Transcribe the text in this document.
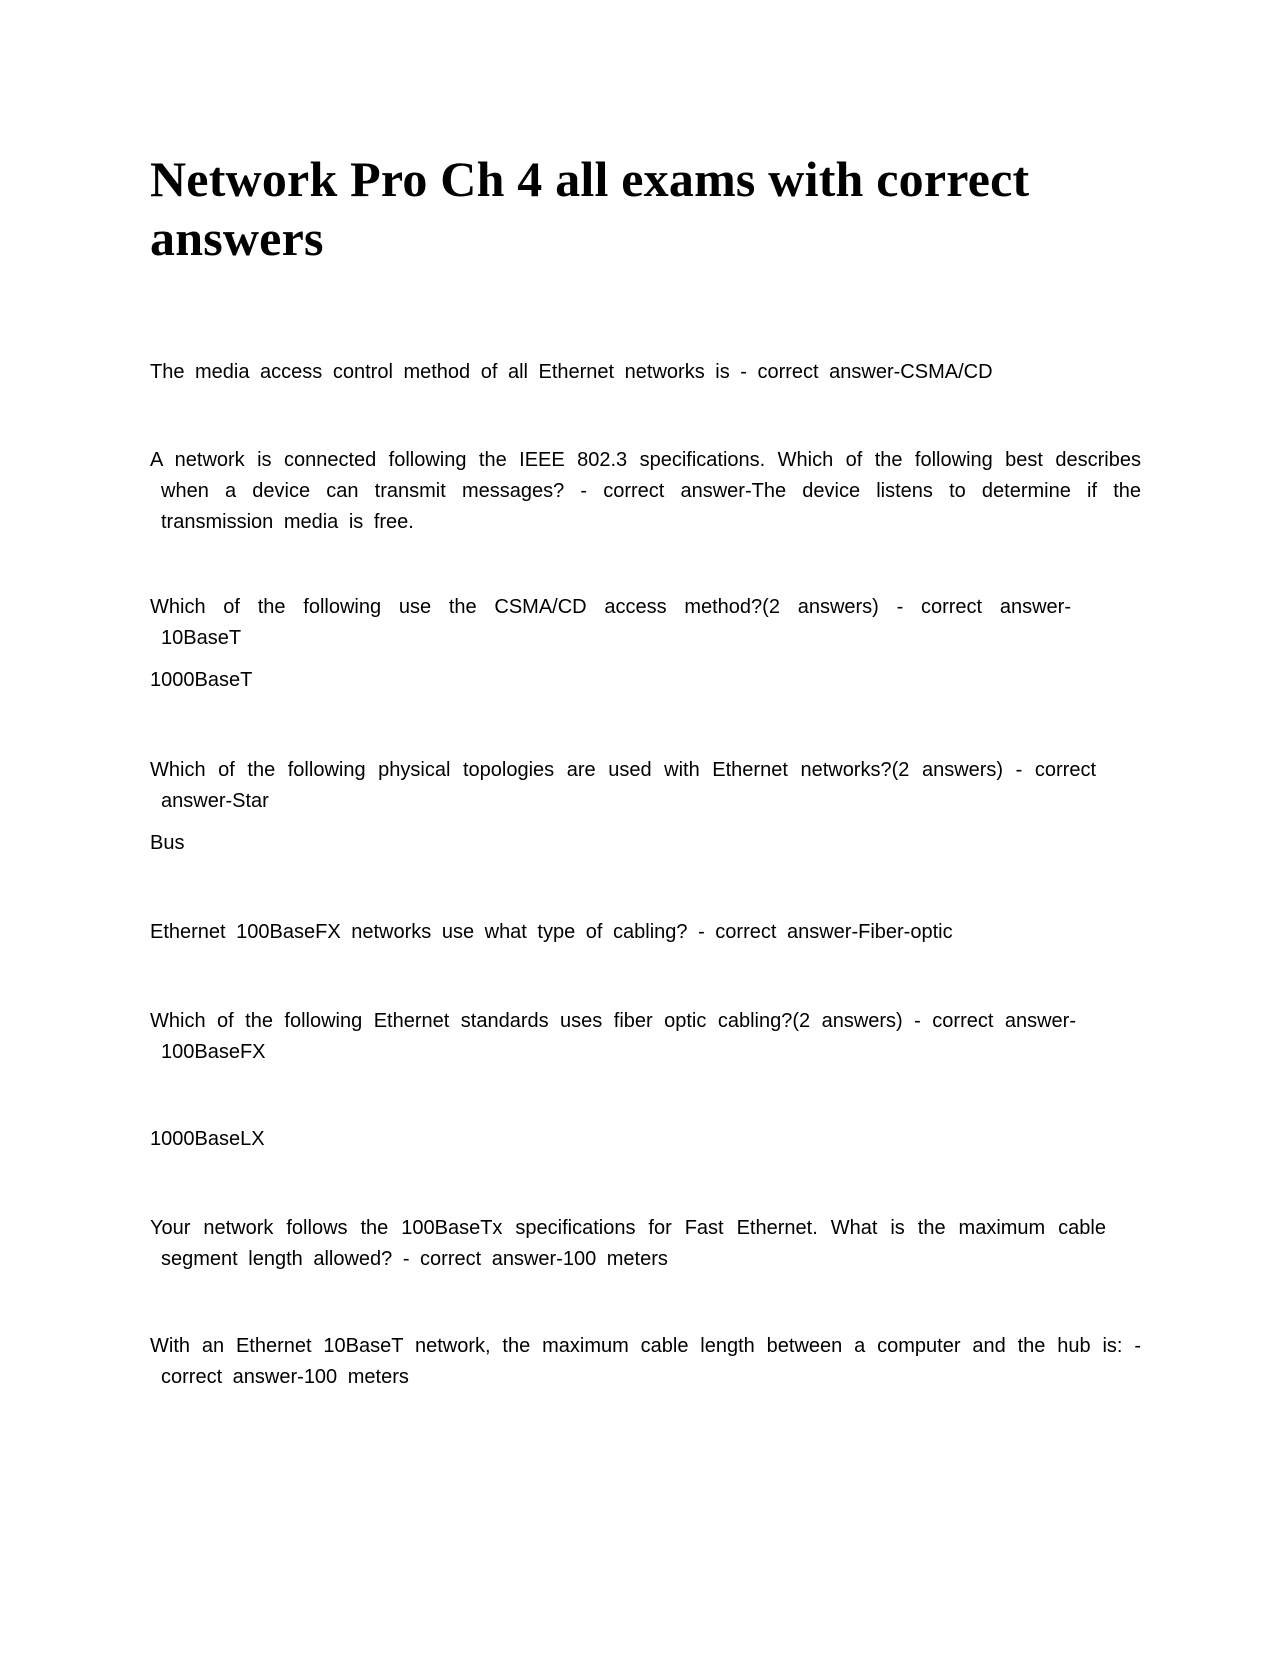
Network Pro Ch 4 all exams with correct answers

The media access control method of all Ethernet networks is - correct answer-CSMA/CD

A network is connected following the IEEE 802.3 specifications. Which of the following best describes when a device can transmit messages? - correct answer-The device listens to determine if the transmission media is free.

Which of the following use the CSMA/CD access method?(2 answers) - correct answer- 10BaseT

1000BaseT

Which of the following physical topologies are used with Ethernet networks?(2 answers) - correct answer-Star

Bus

Ethernet 100BaseFX networks use what type of cabling? - correct answer-Fiber-optic

Which of the following Ethernet standards uses fiber optic cabling?(2 answers) - correct answer-100BaseFX

1000BaseLX

Your network follows the 100BaseTx specifications for Fast Ethernet. What is the maximum cable segment length allowed? - correct answer-100 meters

With an Ethernet 10BaseT network, the maximum cable length between a computer and the hub is: - correct answer-100 meters
